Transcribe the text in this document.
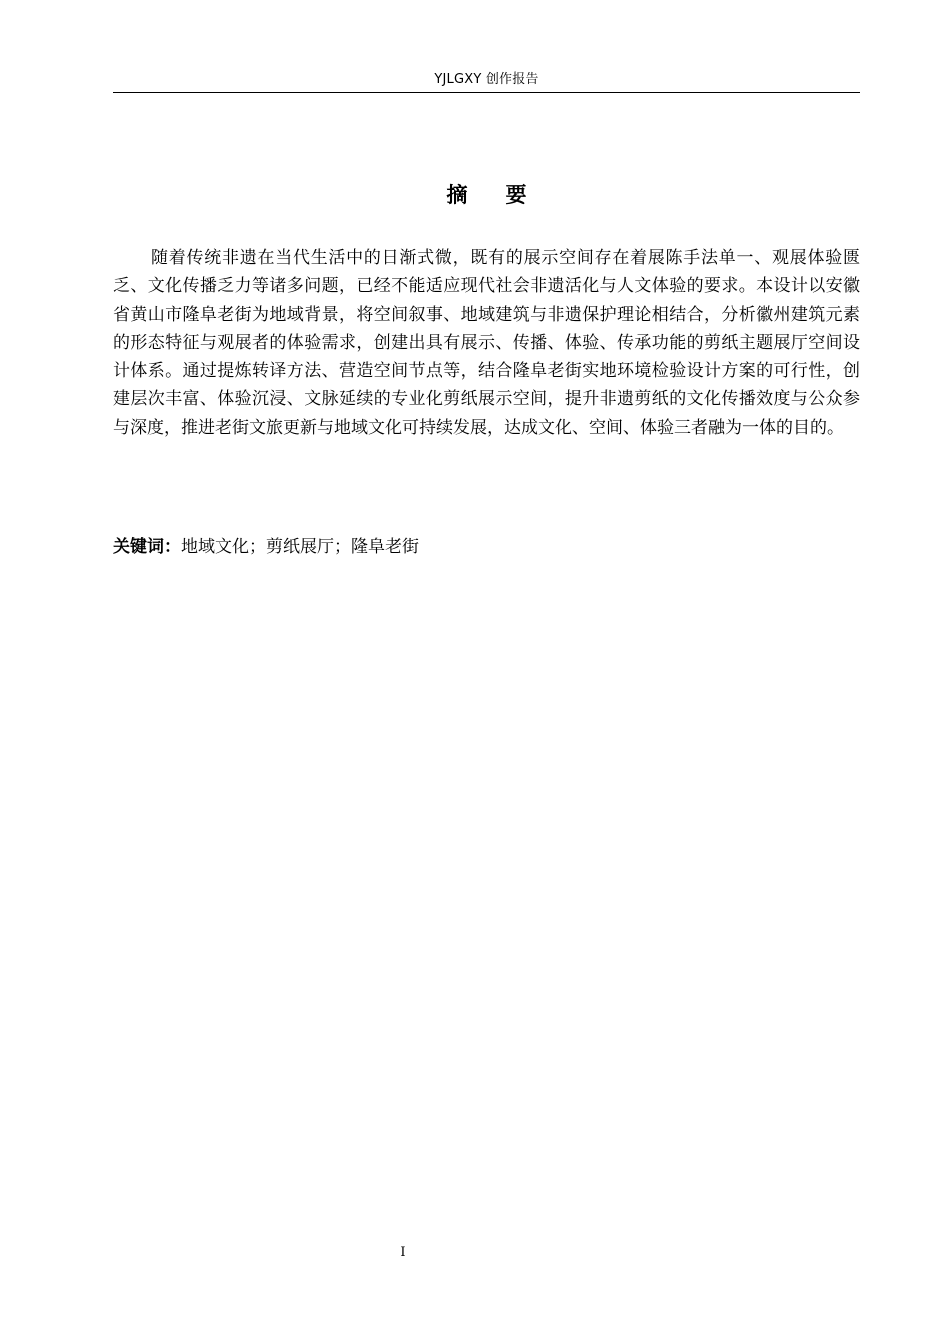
YJLGXY 创作报告
摘要

随着传统非遗在当代生活中的日渐式微，既有的展示空间存在着展陈手法单一、观展体验匮乏、文化传播乏力等诸多问题，已经不能适应现代社会非遗活化与人文体验的要求。本设计以安徽省黄山市隆阜老街为地域背景，将空间叙事、地域建筑与非遗保护理论相结合，分析徽州建筑元素的形态特征与观展者的体验需求，创建出具有展示、传播、体验、传承功能的剪纸主题展厅空间设计体系。通过提炼转译方法、营造空间节点等，结合隆阜老街实地环境检验设计方案的可行性，创建层次丰富、体验沉浸、文脉延续的专业化剪纸展示空间，提升非遗剪纸的文化传播效度与公众参与深度，推进老街文旅更新与地域文化可持续发展，达成文化、空间、体验三者融为一体的目的。

关键词：地域文化；剪纸展厅；隆阜老街
I
